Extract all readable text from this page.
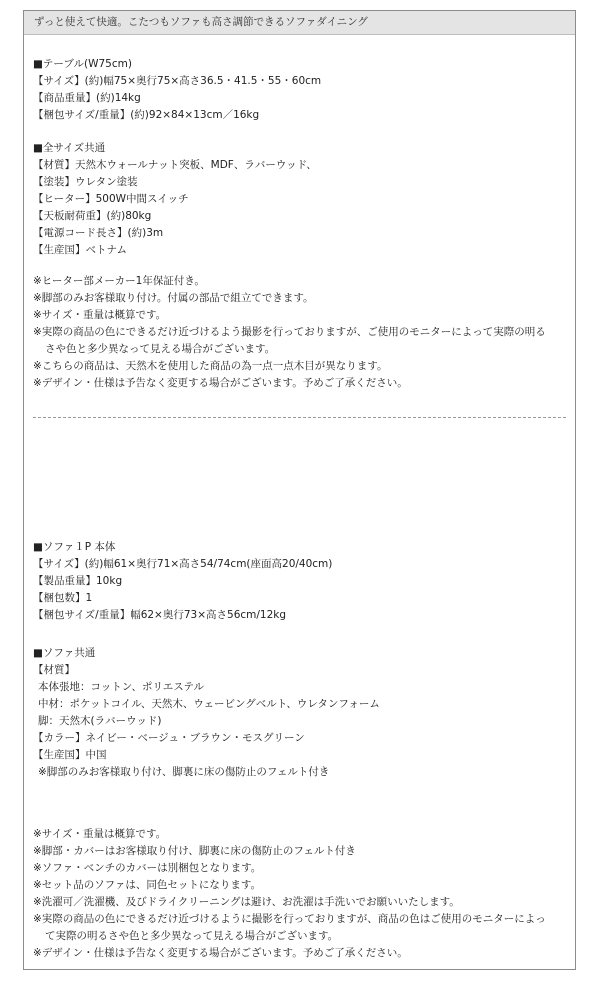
ずっと使えて快適。こたつもソファも高さ調節できるソファダイニング
■テーブル(W75cm)
【サイズ】(約)幅75×奥行75×高さ36.5・41.5・55・60cm
【商品重量】(約)14kg
【梱包サイズ/重量】(約)92×84×13cm／16kg
■全サイズ共通
【材質】天然木ウォールナット突板、MDF、ラバーウッド、
【塗装】ウレタン塗装
【ヒーター】500W中間スイッチ
【天板耐荷重】(約)80kg
【電源コード長さ】(約)3m
【生産国】ベトナム
※ヒーター部メーカー1年保証付き。
※脚部のみお客様取り付け。付属の部品で組立てできます。
※サイズ・重量は概算です。
※実際の商品の色にできるだけ近づけるよう撮影を行っておりますが、ご使用のモニターによって実際の明る
さや色と多少異なって見える場合がございます。
※こちらの商品は、天然木を使用した商品の為一点一点木目が異なります。
※デザイン・仕様は予告なく変更する場合がございます。予めご了承ください。
■ソファ１P 本体
【サイズ】(約)幅61×奥行71×高さ54/74cm(座面高20/40cm)
【製品重量】10kg
【梱包数】1
【梱包サイズ/重量】幅62×奥行73×高さ56cm/12kg
■ソファ共通
【材質】
本体張地：コットン、ポリエステル
中材：ポケットコイル、天然木、ウェービングベルト、ウレタンフォーム
脚：天然木(ラバーウッド)
【カラー】ネイビー・ベージュ・ブラウン・モスグリーン
【生産国】中国
※脚部のみお客様取り付け、脚裏に床の傷防止のフェルト付き
※サイズ・重量は概算です。
※脚部・カバーはお客様取り付け、脚裏に床の傷防止のフェルト付き
※ソファ・ベンチのカバーは別梱包となります。
※セット品のソファは、同色セットになります。
※洗濯可／洗濯機、及びドライクリーニングは避け、お洗濯は手洗いでお願いいたします。
※実際の商品の色にできるだけ近づけるように撮影を行っておりますが、商品の色はご使用のモニターによっ
て実際の明るさや色と多少異なって見える場合がございます。
※デザイン・仕様は予告なく変更する場合がございます。予めご了承ください。
